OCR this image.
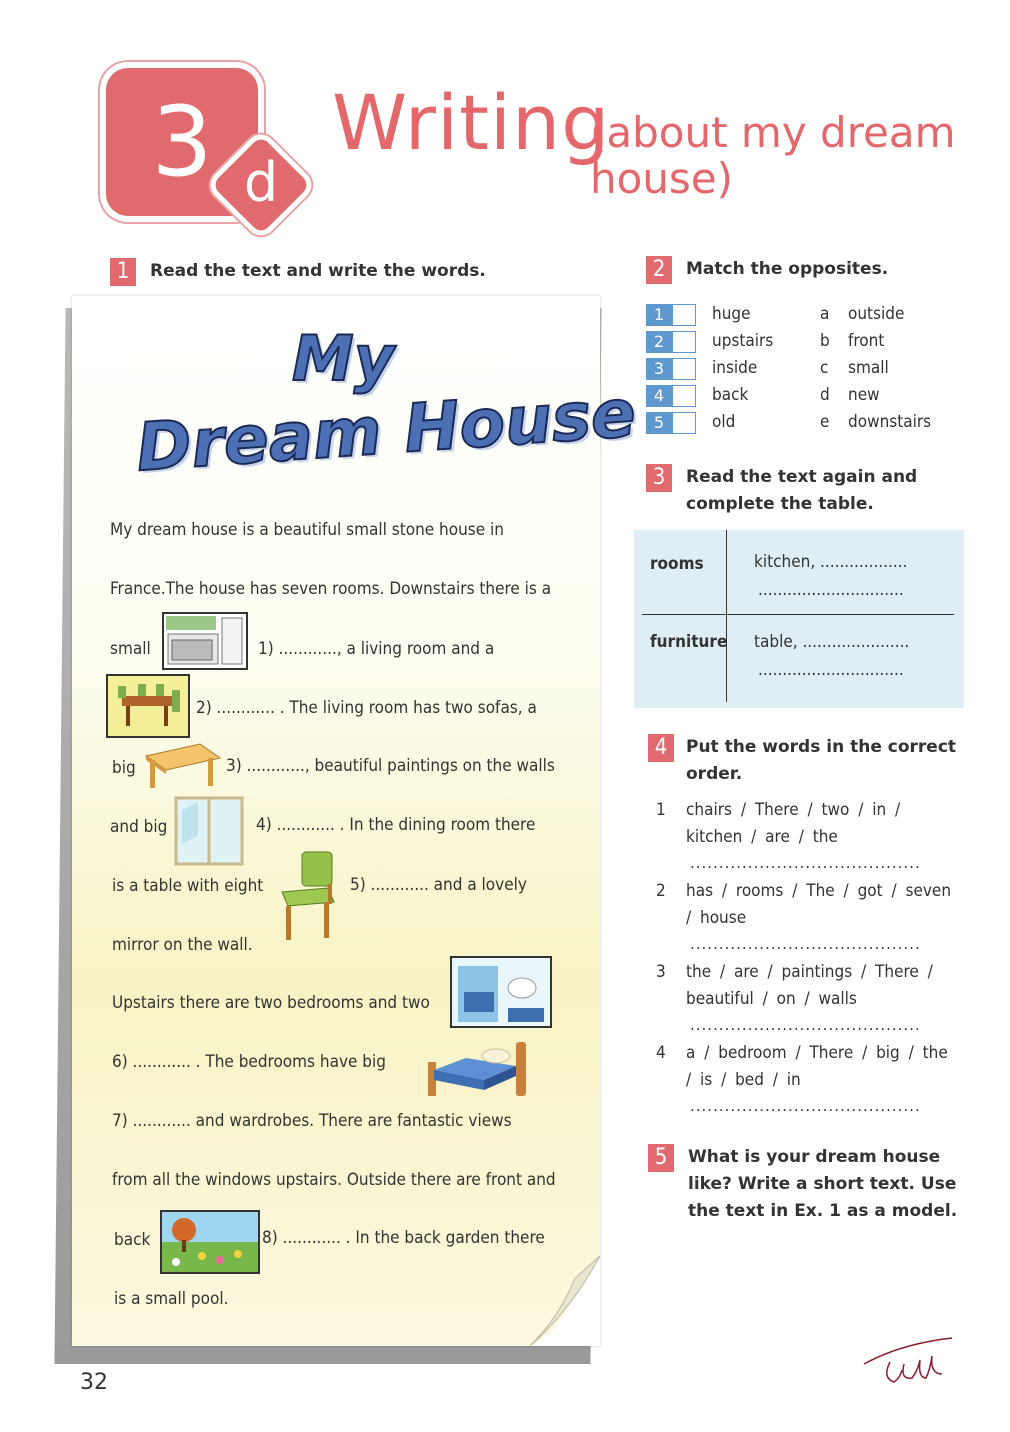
3 d
Writing
(about my dream house)
1	Read the text and write the words.
My
Dream House
My dream house is a beautiful small stone house in
France.The house has seven rooms. Downstairs there is a
small	1) ............, a living room and a
2) ............ . The living room has two sofas, a
big	3) ............, beautiful paintings on the walls
and big	4) ............ . In the dining room there
is a table with eight	5) ............ and a lovely
mirror on the wall.
Upstairs there are two bedrooms and two
6) ............ . The bedrooms have big
7) ............ and wardrobes. There are fantastic views
from all the windows upstairs. Outside there are front and
back	8) ............ . In the back garden there
is a small pool.
2	Match the opposites.
1	huge	a outside
2	upstairs	b front
3	inside	c small
4	back	d new
5	old	e downstairs
3	Read the text again and
complete the table.
rooms	kitchen, ..................
..............................
furniture table, ......................
..............................
4	Put the words in the correct
order.
1 chairs / There / two / in /
kitchen / are / the
........................................
2 has / rooms / The / got / seven
/ house
........................................
3 the / are / paintings / There /
beautiful / on / walls
........................................
4 a / bedroom / There / big / the
/ is / bed / in
........................................
5	What is your dream house
like? Write a short text. Use
the text in Ex. 1 as a model.
32
